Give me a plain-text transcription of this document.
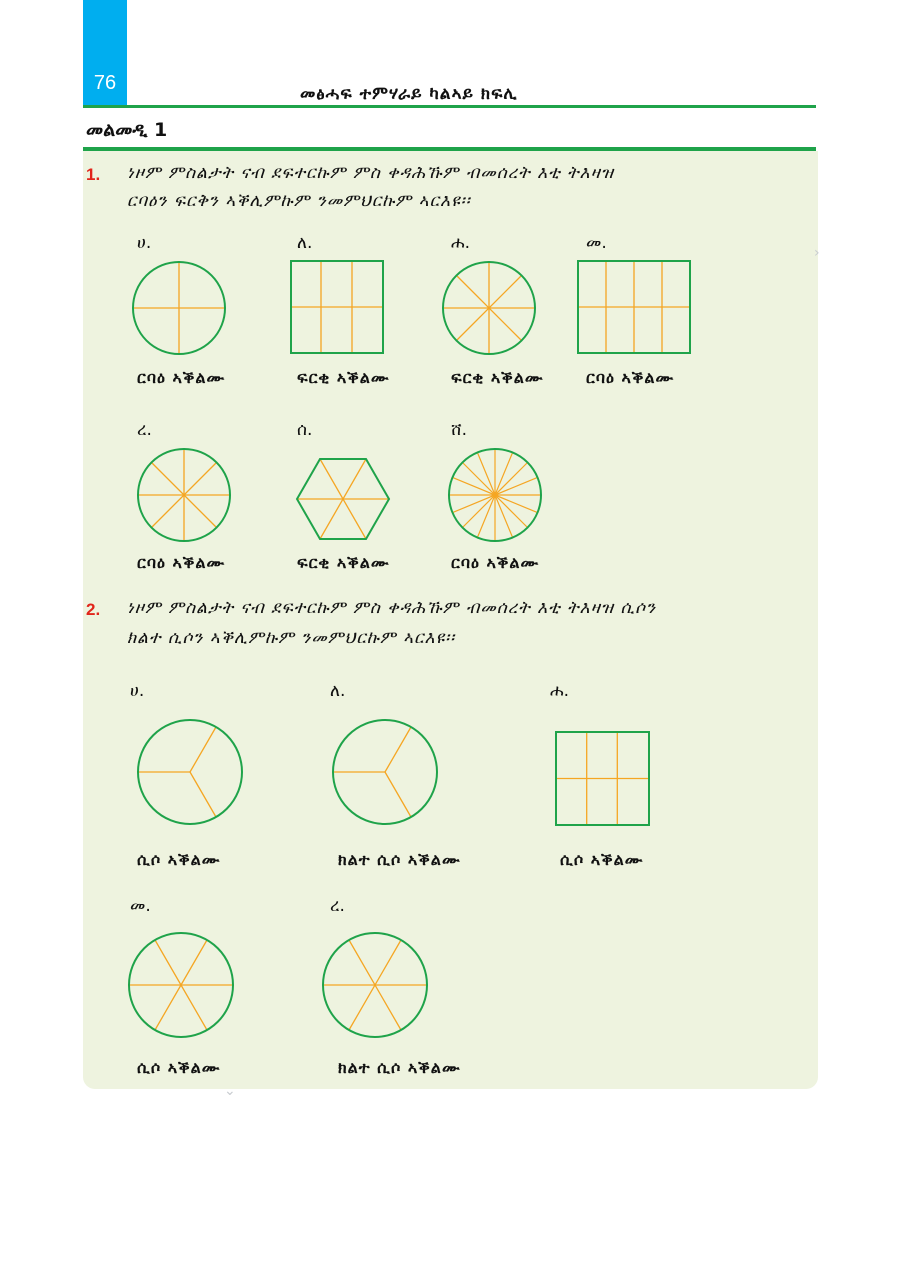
76	መፅሓፍ ተምሃራይ ካልኣይ ክፍሊ
መልመዲ 1
›
⌄
1. ነዞም ምስልታት ናብ ደፍተርኩም ምስ ቀዳሕኹም ብመሰረት እቲ ትእዛዝ
ርባዕን ፍርቅን ኣቕሊምኩም ንመምህርኩም ኣርእዩ፡፡
ሀ.	ለ.	ሐ.	መ.
ርባዕ ኣቕልሙ	ፍርቂ ኣቕልሙ	ፍርቂ ኣቕልሙ	ርባዕ ኣቕልሙ
ረ.	ሰ.	ሸ.
ርባዕ ኣቕልሙ	ፍርቂ ኣቕልሙ	ርባዕ ኣቕልሙ
2. ነዞም ምስልታት ናብ ደፍተርኩም ምስ ቀዳሕኹም ብመሰረት እቲ ትእዛዝ ሲሶን
ክልተ ሲሶን ኣቕሊምኩም ንመምህርኩም ኣርእዩ፡፡
ሀ.	ለ.	ሐ.
ሲሶ ኣቕልሙ	ክልተ ሲሶ ኣቕልሙ	ሲሶ ኣቕልሙ
መ.	ረ.
ሲሶ ኣቕልሙ	ክልተ ሲሶ ኣቕልሙ
